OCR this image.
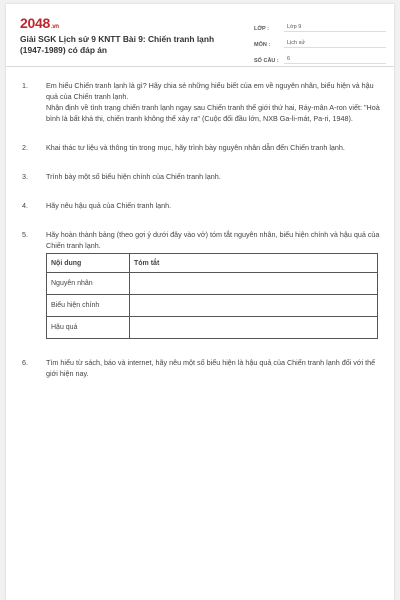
2048.vn
Giải SGK Lịch sử 9 KNTT Bài 9: Chiến tranh lạnh (1947-1989) có đáp án
LỚP :	Lớp 9
MÔN :	Lịch sử
SỐ CÂU :	6
1.	Em hiểu Chiến tranh lạnh là gì? Hãy chia sẻ những hiểu biết của em về nguyên nhân, biểu hiện và hậu quả của Chiến tranh lạnh.
Nhận định về tình trạng chiến tranh lạnh ngay sau Chiến tranh thế giới thứ hai, Ráy-mân A-ron viết: "Hoà bình là bất khả thi, chiến tranh không thể xảy ra" (Cuộc đối đầu lớn, NXB Ga-li-mát, Pa-ri, 1948).
2.	Khai thác tư liệu và thông tin trong mục, hãy trình bày nguyên nhân dẫn đến Chiến tranh lạnh.
3.	Trình bày một số biểu hiện chính của Chiến tranh lạnh.
4.	Hãy nêu hậu quả của Chiến tranh lạnh.
5.	Hãy hoàn thành bảng (theo gợi ý dưới đây vào vở) tóm tắt nguyên nhân, biểu hiện chính và hậu quả của Chiến tranh lạnh.
Nội dung	Tóm tắt
Nguyên nhân	
Biểu hiện chính	
Hậu quả	
6.	Tìm hiểu từ sách, báo và internet, hãy nêu một số biểu hiện là hậu quả của Chiến tranh lạnh đối với thế giới hiện nay.
